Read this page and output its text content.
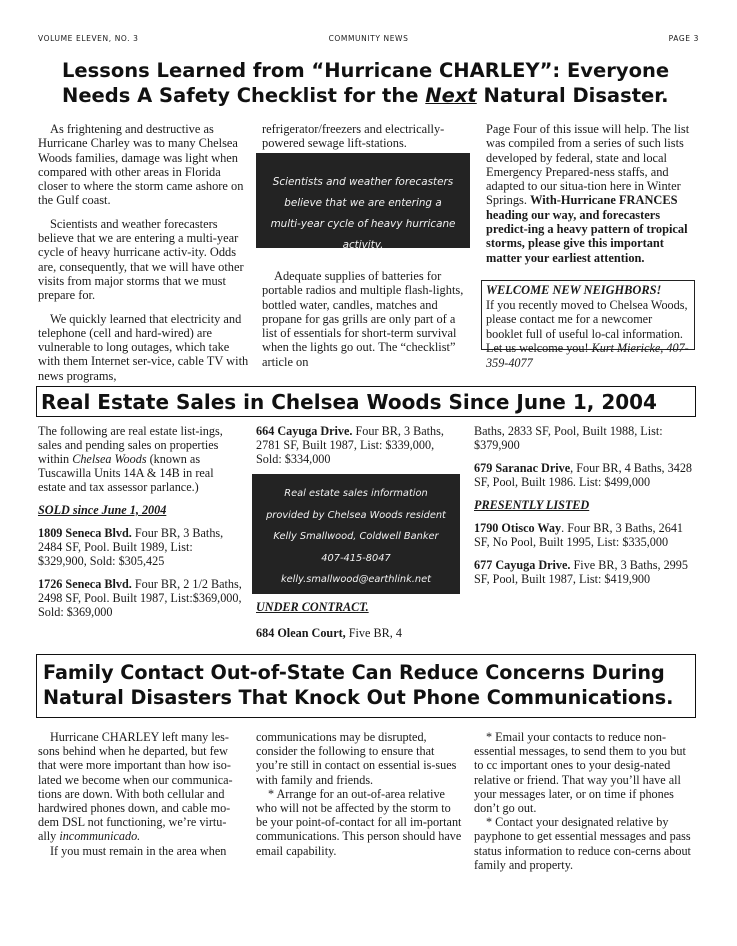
VOLUME ELEVEN, NO. 3	COMMUNITY NEWS	PAGE 3
Lessons Learned from “Hurricane CHARLEY”: Everyone Needs A Safety Checklist for the Next Natural Disaster.

As frightening and destructive as Hurricane Charley was to many Chelsea Woods families, damage was light when compared with other areas in Florida closer to where the storm came ashore on the Gulf coast.

Scientists and weather forecasters believe that we are entering a multi-year cycle of heavy hurricane activ-ity. Odds are, consequently, that we will have other visits from major storms that we must prepare for.

We quickly learned that electricity and telephone (cell and hard-wired) are vulnerable to long outages, which take with them Internet ser-vice, cable TV with news programs,

refrigerator/freezers and electrically-powered sewage lift-stations.

Scientists and weather forecasters believe that we are entering a multi-year cycle of heavy hurricane activity.

Adequate supplies of batteries for portable radios and multiple flash-lights, bottled water, candles, matches and propane for gas grills are only part of a list of essentials for short-term survival when the lights go out. The “checklist” article on

Page Four of this issue will help. The list was compiled from a series of such lists developed by federal, state and local Emergency Prepared-ness staffs, and adapted to our situa-tion here in Winter Springs. With-Hurricane FRANCES heading our way, and forecasters predict-ing a heavy pattern of tropical storms, please give this important matter your earliest attention.

WELCOME NEW NEIGHBORS!
If you recently moved to Chelsea Woods, please contact me for a newcomer booklet full of useful lo-cal information. Let us welcome you! Kurt Miericke, 407-359-4077
Real Estate Sales in Chelsea Woods Since June 1, 2004

The following are real estate list-ings, sales and pending sales on properties within Chelsea Woods (known as Tuscawilla Units 14A & 14B in real estate and tax assessor parlance.)

SOLD since June 1, 2004

1809 Seneca Blvd. Four BR, 3 Baths, 2484 SF, Pool. Built 1989, List: $329,900, Sold: $305,425

1726 Seneca Blvd. Four BR, 2 1/2 Baths, 2498 SF, Pool. Built 1987, List:$369,000, Sold: $369,000

664 Cayuga Drive. Four BR, 3 Baths, 2781 SF, Built 1987, List: $339,000, Sold: $334,000

Real estate sales information
provided by Chelsea Woods resident
Kelly Smallwood, Coldwell Banker
407-415-8047
kelly.smallwood@earthlink.net

UNDER CONTRACT.

684 Olean Court, Five BR, 4

Baths, 2833 SF, Pool, Built 1988, List: $379,900

679 Saranac Drive, Four BR, 4 Baths, 3428 SF, Pool, Built 1986. List: $499,000

PRESENTLY LISTED

1790 Otisco Way. Four BR, 3 Baths, 2641 SF, No Pool, Built 1995, List: $335,000

677 Cayuga Drive. Five BR, 3 Baths, 2995 SF, Pool, Built 1987, List: $419,900

Family Contact Out-of-State Can Reduce Concerns During Natural Disasters That Knock Out Phone Communications.

Hurricane CHARLEY left many les-sons behind when he departed, but few that were more important than how iso-lated we become when our communica-tions are down. With both cellular and hardwired phones down, and cable mo-dem DSL not functioning, we’re virtu-ally incommunicado.

If you must remain in the area when

communications may be disrupted, consider the following to ensure that you’re still in contact on essential is-sues with family and friends.

* Arrange for an out-of-area relative who will not be affected by the storm to be your point-of-contact for all im-portant communications. This person should have email capability.

* Email your contacts to reduce non-essential messages, to send them to you but to cc important ones to your desig-nated relative or friend. That way you’ll have all your messages later, or on time if phones don’t go out.

* Contact your designated relative by payphone to get essential messages and pass status information to reduce con-cerns about family and property.
